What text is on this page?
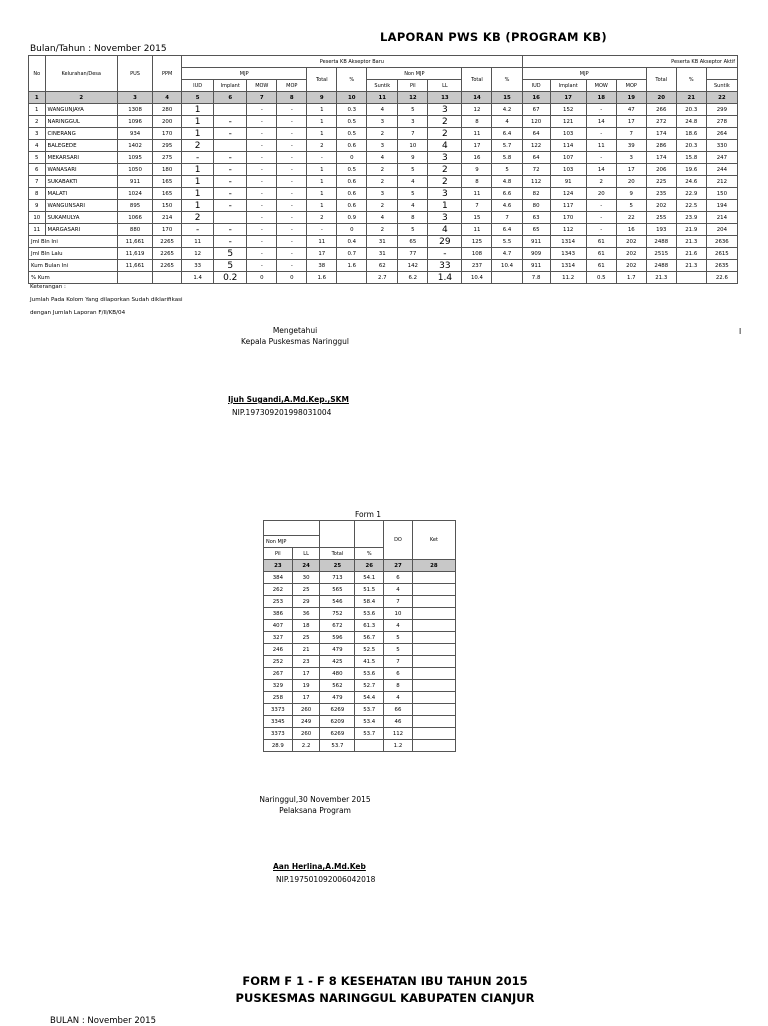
LAPORAN PWS KB (PROGRAM KB)
Bulan/Tahun : November 2015
No	Kelurahan/Desa	PUS	PPM	Peserta KB Akseptor Baru											Peserta KB Akseptor Aktif						
				MJP				Total	%	Non MJP			Total	%	MJP				Total	%	
				IUD	Implant	MOW	MOP			Suntik	Pil	LL			IUD	Implant	MOW	MOP			Suntik
1	2	3	4	5	6	7	8	9	10	11	12	13	14	15	16	17	18	19	20	21	22
1	WANGUNJAYA	1308	280	1		-	-	1	0.3	4	5	3	12	4.2	67	152	-	47	266	20.3	299
2	NARINGGUL	1096	200	1	-	-	-	1	0.5	3	3	2	8	4	120	121	14	17	272	24.8	278
3	CINERANG	934	170	1	-	-	-	1	0.5	2	7	2	11	6.4	64	103	-	7	174	18.6	264
4	BALEGEDE	1402	295	2		-	-	2	0.6	3	10	4	17	5.7	122	114	11	39	286	20.3	330
5	MEKARSARI	1095	275	-	-	-	-	-	0	4	9	3	16	5.8	64	107	-	3	174	15.8	247
6	WANASARI	1050	180	1	-	-	-	1	0.5	2	5	2	9	5	72	103	14	17	206	19.6	244
7	SUKABAKTI	911	165	1	-	-	-	1	0.6	2	4	2	8	4.8	112	91	2	20	225	24.6	212
8	MALATI	1024	165	1	-	-	-	1	0.6	3	5	3	11	6.6	82	124	20	9	235	22.9	150
9	WANGUNSARI	895	150	1	-	-	-	1	0.6	2	4	1	7	4.6	80	117	-	5	202	22.5	194
10	SUKAMULYA	1066	214	2		-	-	2	0.9	4	8	3	15	7	63	170	-	22	255	23.9	214
11	MARGASARI	880	170	-	-	-	-	-	0	2	5	4	11	6.4	65	112	-	16	193	21.9	204
Jml Bln Ini		11,661	2265	11	-	-	-	11	0.4	31	65	29	125	5.5	911	1314	61	202	2488	21.3	2636
Jml Bln Lalu		11,619	2265	12	5	-	-	17	0.7	31	77	-	108	4.7	909	1343	61	202	2515	21.6	2615
Kum Bulan Ini		11,661	2265	33	5	-	-	38	1.6	62	142	33	237	10.4	911	1314	61	202	2488	21.3	2635
% Kum				1.4	0.2	0	0	1.6		2.7	6.2	1.4	10.4		7.8	11.2	0.5	1.7	21.3		22.6
Keterangan :
Jumlah Pada Kolom Yang dilaporkan Sudah diklarifikasi
dengan Jumlah Laporan F/II/KB/04
Mengetahui
Kepala Puskesmas Naringgul
Ijuh Sugandi,A.Md.Kep.,SKM
NIP.197309201998031004
I
Form 1
				DO	Ket
Non MJP					
Pil	LL	Total	%		
23	24	25	26	27	28
384	30	713	54.1	6	
262	25	565	51.5	4	
253	29	546	58.4	7	
386	36	752	53.6	10	
407	18	672	61.3	4	
327	25	596	56.7	5	
246	21	479	52.5	5	
252	23	425	41.5	7	
267	17	480	53.6	6	
329	19	562	52.7	8	
258	17	479	54.4	4	
3373	260	6269	53.7	66	
3345	249	6209	53.4	46	
3373	260	6269	53.7	112	
28.9	2.2	53.7		1.2	
Naringgul,30 November 2015
Pelaksana Program
Aan Herlina,A.Md.Keb
NIP.197501092006042018
FORM F 1 - F 8 KESEHATAN IBU TAHUN 2015
PUSKESMAS NARINGGUL KABUPATEN CIANJUR
BULAN : November 2015
